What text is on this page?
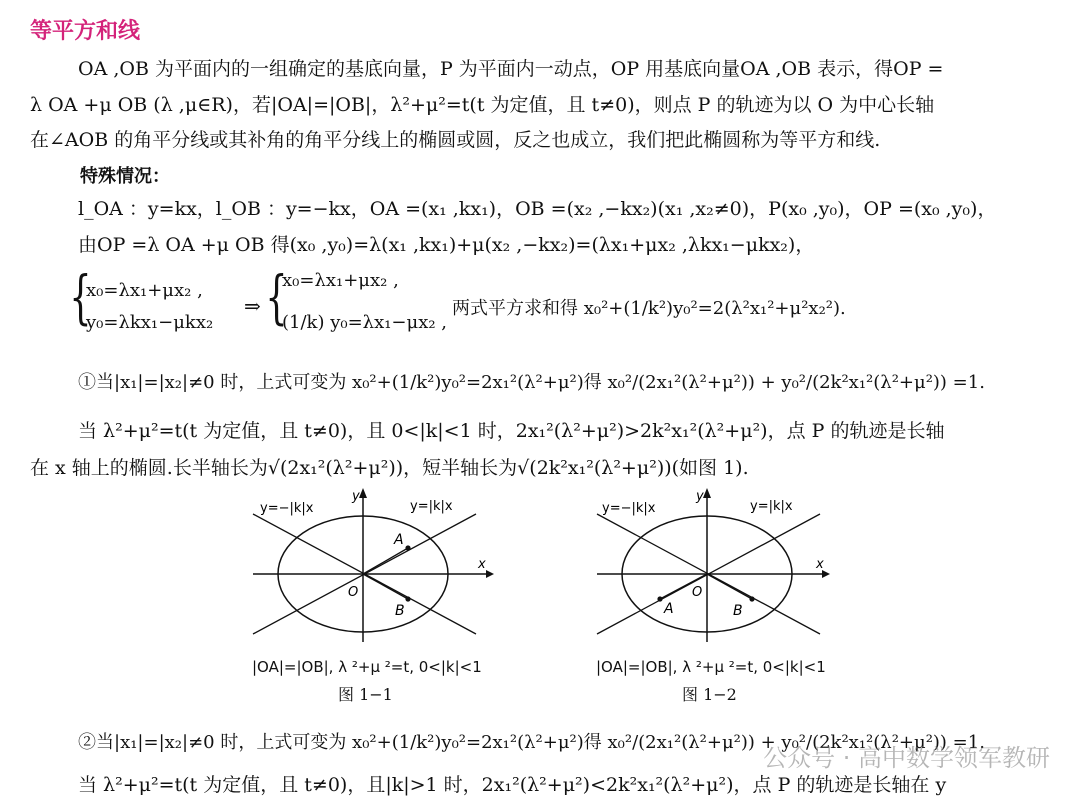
等平方和线
OA ,OB 为平面内的一组确定的基底向量，P 为平面内一动点，OP 用基底向量OA ,OB 表示，得OP =
λ OA +μ OB (λ ,μ∈R)，若|OA|=|OB|，λ²+μ²=t(t 为定值，且 t≠0)，则点 P 的轨迹为以 O 为中心长轴
在∠AOB 的角平分线或其补角的角平分线上的椭圆或圆，反之也成立，我们把此椭圆称为等平方和线.
特殊情况：
l_OA ：y=kx，l_OB ：y=−kx，OA =(x₁ ,kx₁)，OB =(x₂ ,−kx₂)(x₁ ,x₂≠0)，P(x₀ ,y₀)，OP =(x₀ ,y₀)，
由OP =λ OA +μ OB 得(x₀ ,y₀)=λ(x₁ ,kx₁)+μ(x₂ ,−kx₂)=(λx₁+μx₂ ,λkx₁−μkx₂)，
{
x₀=λx₁+μx₂ ,
y₀=λkx₁−μkx₂
⇒ {
x₀=λx₁+μx₂ ,
(1/k) y₀=λx₁−μx₂ ,
两式平方求和得 x₀²+(1/k²)y₀²=2(λ²x₁²+μ²x₂²).
①当|x₁|=|x₂|≠0 时，上式可变为 x₀²+(1/k²)y₀²=2x₁²(λ²+μ²)得 x₀²/(2x₁²(λ²+μ²)) + y₀²/(2k²x₁²(λ²+μ²)) =1.
当 λ²+μ²=t(t 为定值，且 t≠0)，且 0<|k|<1 时，2x₁²(λ²+μ²)>2k²x₁²(λ²+μ²)，点 P 的轨迹是长轴
在 x 轴上的椭圆.长半轴长为√(2x₁²(λ²+μ²))，短半轴长为√(2k²x₁²(λ²+μ²))(如图 1).
y=−|k|x	y=|k|x
y
x
O
A
B
|OA|=|OB|, λ ²+μ ²=t, 0<|k|<1
图 1−1
y=−|k|x	y=|k|x
y
x
O
A	B
|OA|=|OB|, λ ²+μ ²=t, 0<|k|<1
图 1−2
②当|x₁|=|x₂|≠0 时，上式可变为 x₀²+(1/k²)y₀²=2x₁²(λ²+μ²)得 x₀²/(2x₁²(λ²+μ²)) + y₀²/(2k²x₁²(λ²+μ²)) =1.
当 λ²+μ²=t(t 为定值，且 t≠0)，且|k|>1 时，2x₁²(λ²+μ²)<2k²x₁²(λ²+μ²)，点 P 的轨迹是长轴在 y
公众号 · 高中数学领军教研
